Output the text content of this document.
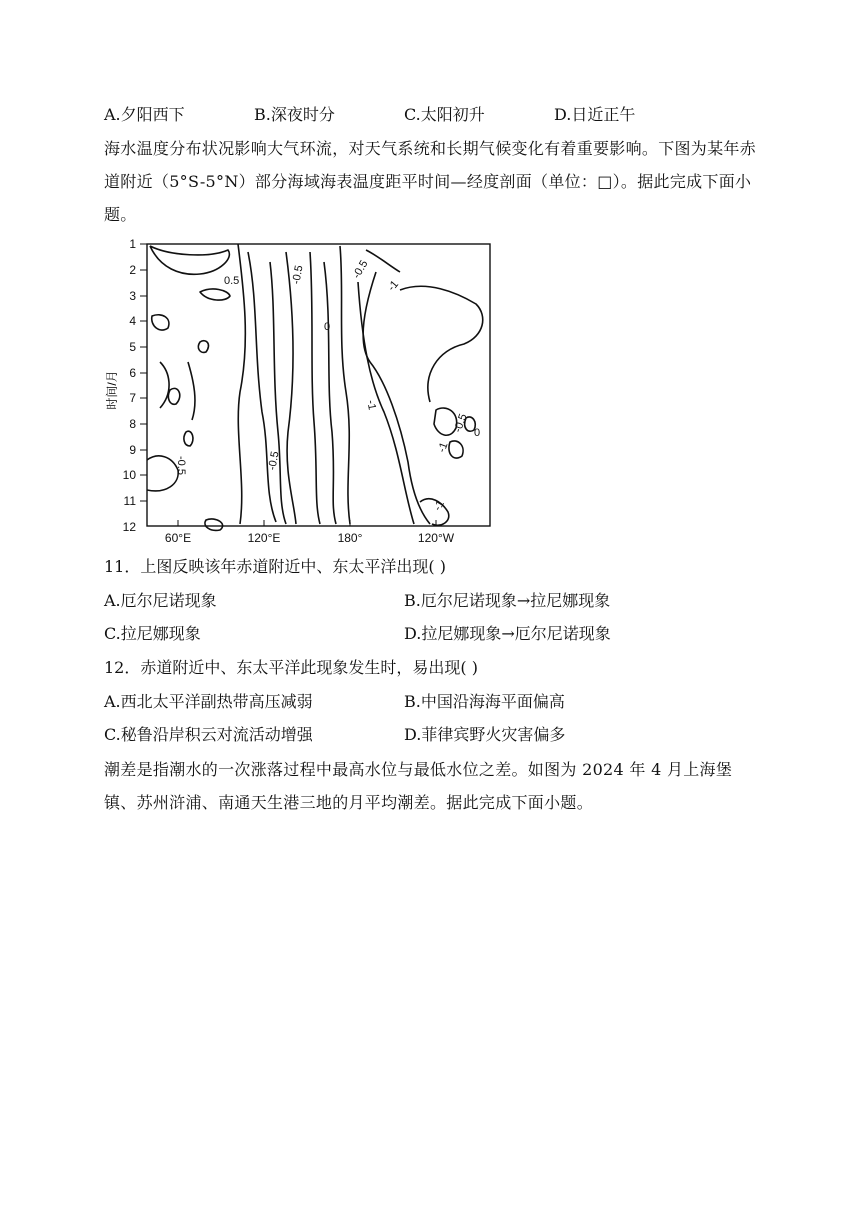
A.夕阳西下	B.深夜时分	C.太阳初升	D.日近正午
海水温度分布状况影响大气环流，对天气系统和长期气候变化有着重要影响。下图为某年赤道附近（5°S-5°N）部分海域海表温度距平时间—经度剖面（单位：□）。据此完成下面小题。
时间/月
1
2
3
4
5
6
7
8
9
10
11
12
0.5	-0.5	-0.5
0
-1
-1
-0.5 0
-1
-0.5	-0.5
-1
60°E	120°E	180°	120°W
11．上图反映该年赤道附近中、东太平洋出现( )
A.厄尔尼诺现象	B.厄尔尼诺现象→拉尼娜现象
C.拉尼娜现象	D.拉尼娜现象→厄尔尼诺现象
12．赤道附近中、东太平洋此现象发生时，易出现( )
A.西北太平洋副热带高压减弱	B.中国沿海海平面偏高
C.秘鲁沿岸积云对流活动增强	D.菲律宾野火灾害偏多
潮差是指潮水的一次涨落过程中最高水位与最低水位之差。如图为 2024 年 4 月上海堡镇、苏州浒浦、南通天生港三地的月平均潮差。据此完成下面小题。
